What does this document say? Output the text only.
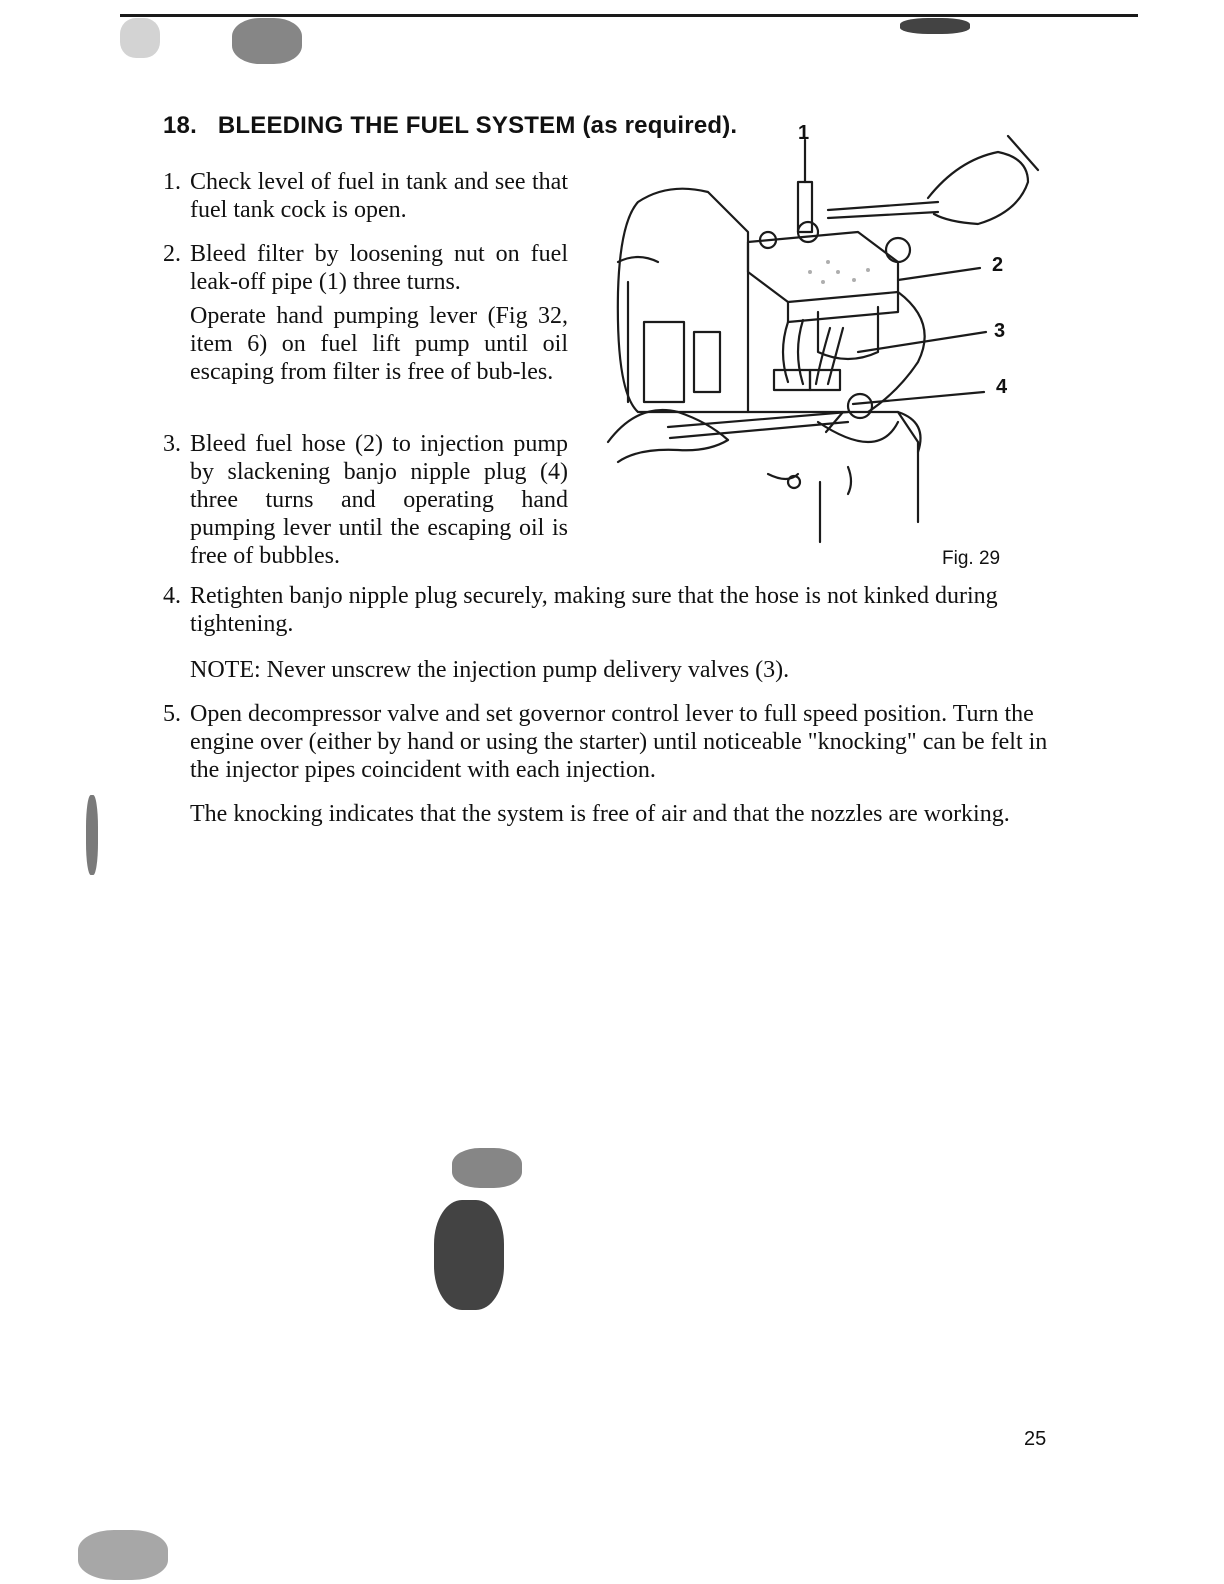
18. BLEEDING THE FUEL SYSTEM (as required).
1. Check level of fuel in tank and see that fuel tank cock is open.
2. Bleed filter by loosening nut on fuel leak-off pipe (1) three turns.
Operate hand pumping lever (Fig 32, item 6) on fuel lift pump until oil escaping from filter is free of bub-les.
3. Bleed fuel hose (2) to injection pump by slackening banjo nipple plug (4) three turns and operating hand pumping lever until the escaping oil is free of bubbles.
4. Retighten banjo nipple plug securely, making sure that the hose is not kinked during tightening.
NOTE: Never unscrew the injection pump delivery valves (3).
5. Open decompressor valve and set governor control lever to full speed position. Turn the engine over (either by hand or using the starter) until noticeable "knocking" can be felt in the injector pipes coincident with each injection.
The knocking indicates that the system is free of air and that the nozzles are working.
1
2
3
4
Fig. 29
25
